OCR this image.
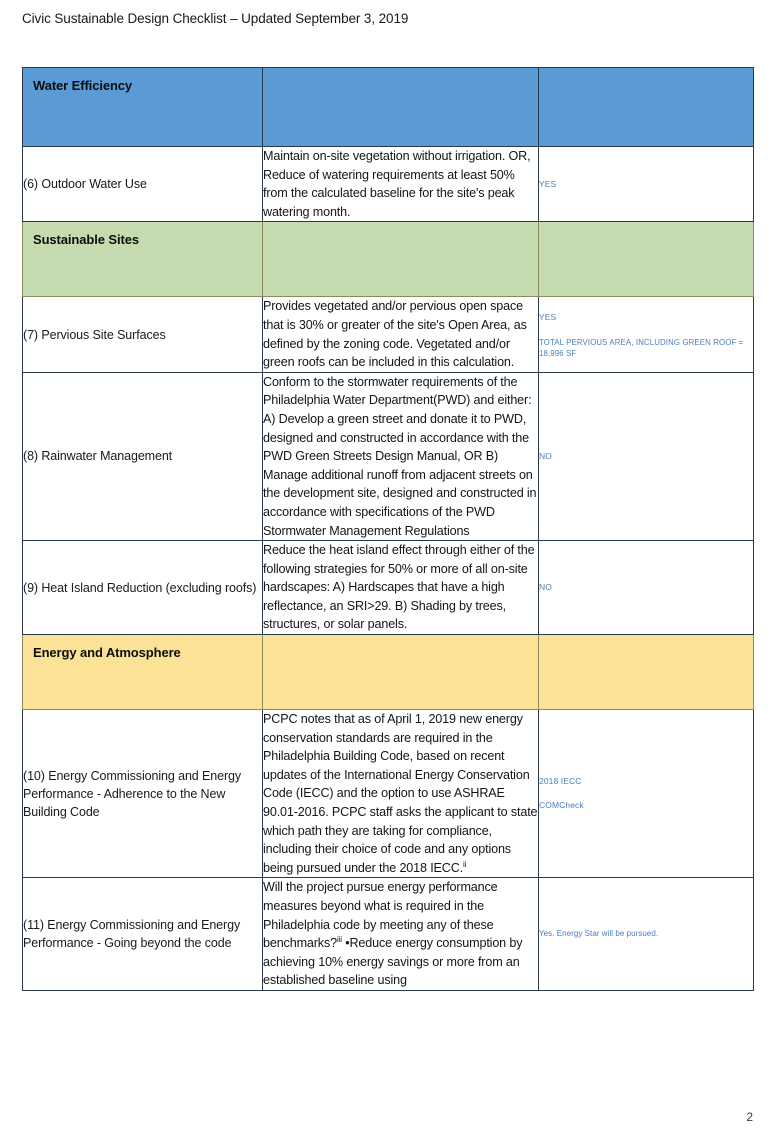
Civic Sustainable Design Checklist – Updated September 3, 2019
Water Efficiency		

(6) Outdoor Water Use	Maintain on-site vegetation without irrigation. OR, Reduce of watering requirements at least 50% from the calculated baseline for the site's peak watering month.	YES

Sustainable Sites		

(7) Pervious Site Surfaces	Provides vegetated and/or pervious open space that is 30% or greater of the site's Open Area, as defined by the zoning code. Vegetated and/or green roofs can be included in this calculation.	YES
TOTAL PERVIOUS AREA, INCLUDING GREEN ROOF = 18,996 SF

(8) Rainwater Management	Conform to the stormwater requirements of the Philadelphia Water Department(PWD) and either: A) Develop a green street and donate it to PWD, designed and constructed in accordance with the PWD Green Streets Design Manual, OR B) Manage additional runoff from adjacent streets on the development site, designed and constructed in accordance with specifications of the PWD Stormwater Management Regulations	NO

(9) Heat Island Reduction (excluding roofs)	Reduce the heat island effect through either of the following strategies for 50% or more of all on-site hardscapes: A) Hardscapes that have a high reflectance, an SRI>29. B) Shading by trees, structures, or solar panels.	NO

Energy and Atmosphere		

(10) Energy Commissioning and Energy Performance - Adherence to the New Building Code	PCPC notes that as of April 1, 2019 new energy conservation standards are required in the Philadelphia Building Code, based on recent updates of the International Energy Conservation Code (IECC) and the option to use ASHRAE 90.01-2016. PCPC staff asks the applicant to state which path they are taking for compliance, including their choice of code and any options being pursued under the 2018 IECC.$^{ii}$	2018 IECC
COMCheck

(11) Energy Commissioning and Energy Performance - Going beyond the code	Will the project pursue energy performance measures beyond what is required in the Philadelphia code by meeting any of these benchmarks?$^{iii}$ •Reduce energy consumption by achieving 10% energy savings or more from an established baseline using	Yes. Energy Star will be pursued.
2
